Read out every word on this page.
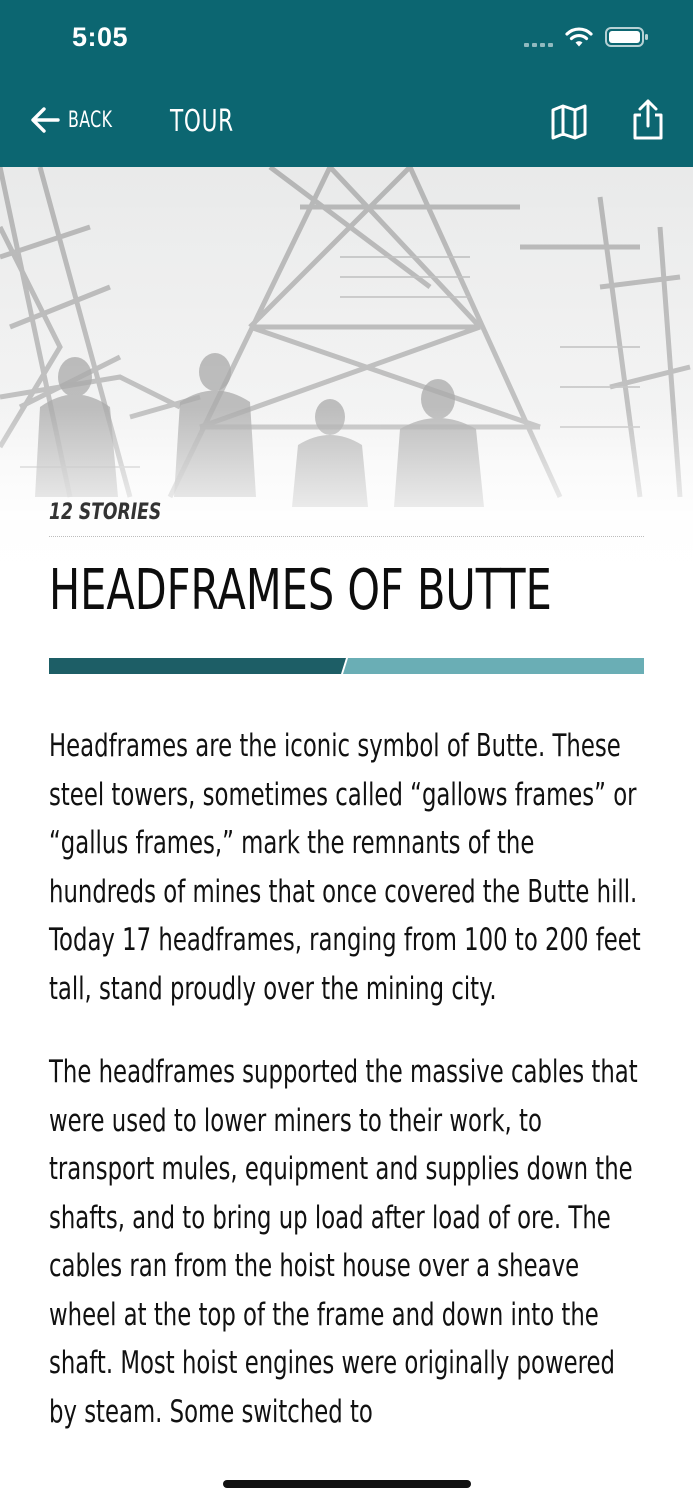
5:05
BACK TOUR
12 STORIES
HEADFRAMES OF BUTTE

Headframes are the iconic symbol of Butte. These steel towers, sometimes called “gallows frames” or “gallus frames,” mark the remnants of the hundreds of mines that once covered the Butte hill. Today 17 headframes, ranging from 100 to 200 feet tall, stand proudly over the mining city.

The headframes supported the massive cables that were used to lower miners to their work, to transport mules, equipment and supplies down the shafts, and to bring up load after load of ore. The cables ran from the hoist house over a sheave wheel at the top of the frame and down into the shaft. Most hoist engines were originally powered by steam. Some switched to
